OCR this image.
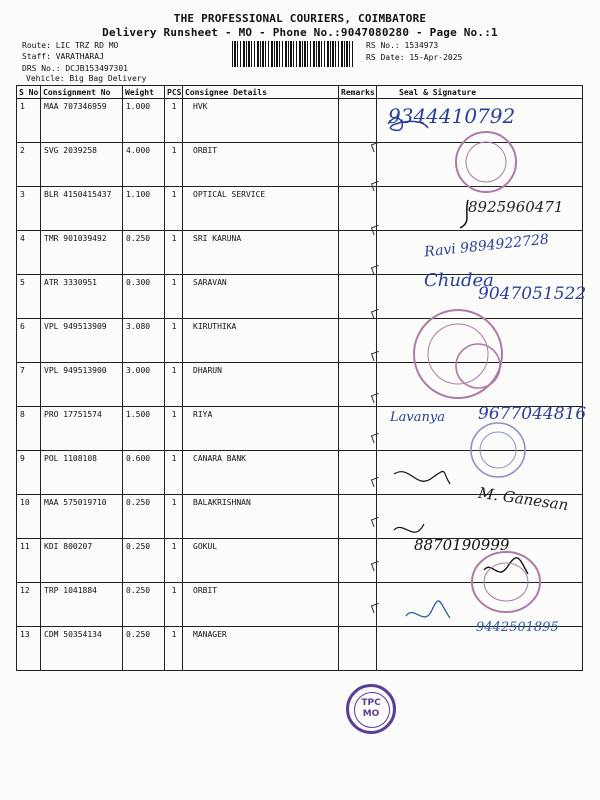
THE PROFESSIONAL COURIERS, COIMBATORE
Delivery Runsheet - MO - Phone No.:9047080280 - Page No.:1
Route: LIC TRZ RD MO
Staff: VARATHARAJ
DRS No.: DCJB153497301
Vehicle: Big Bag Delivery
RS No.: 1534973
RS Date: 15-Apr-2025
S No	Consignment No	Weight	PCS	Consignee Details	Remarks	Seal & Signature
1	MAA 707346959	1.000	1	HVK		
2	SVG 2039258	4.000	1	ORBIT		
3	BLR 4150415437	1.100	1	OPTICAL SERVICE		
4	TMR 901039492	0.250	1	SRI KARUNA		
5	ATR 3330951	0.300	1	SARAVAN		
6	VPL 949513909	3.080	1	KIRUTHIKA		
7	VPL 949513900	3.000	1	DHARUN		
8	PRO 17751574	1.500	1	RIYA		
9	POL 1108108	0.600	1	CANARA BANK		
10	MAA 575019710	0.250	1	BALAKRISHNAN		
11	KDI 800207	0.250	1	GOKUL		
12	TRP 1041884	0.250	1	ORBIT		
13	CDM 50354134	0.250	1	MANAGER		
9344410792
8925960471
Ravi 9894922728
Chudea
9047051522
Lavanya 9677044816
M. Ganesan
8870190999
9442501895
TPC
MO
